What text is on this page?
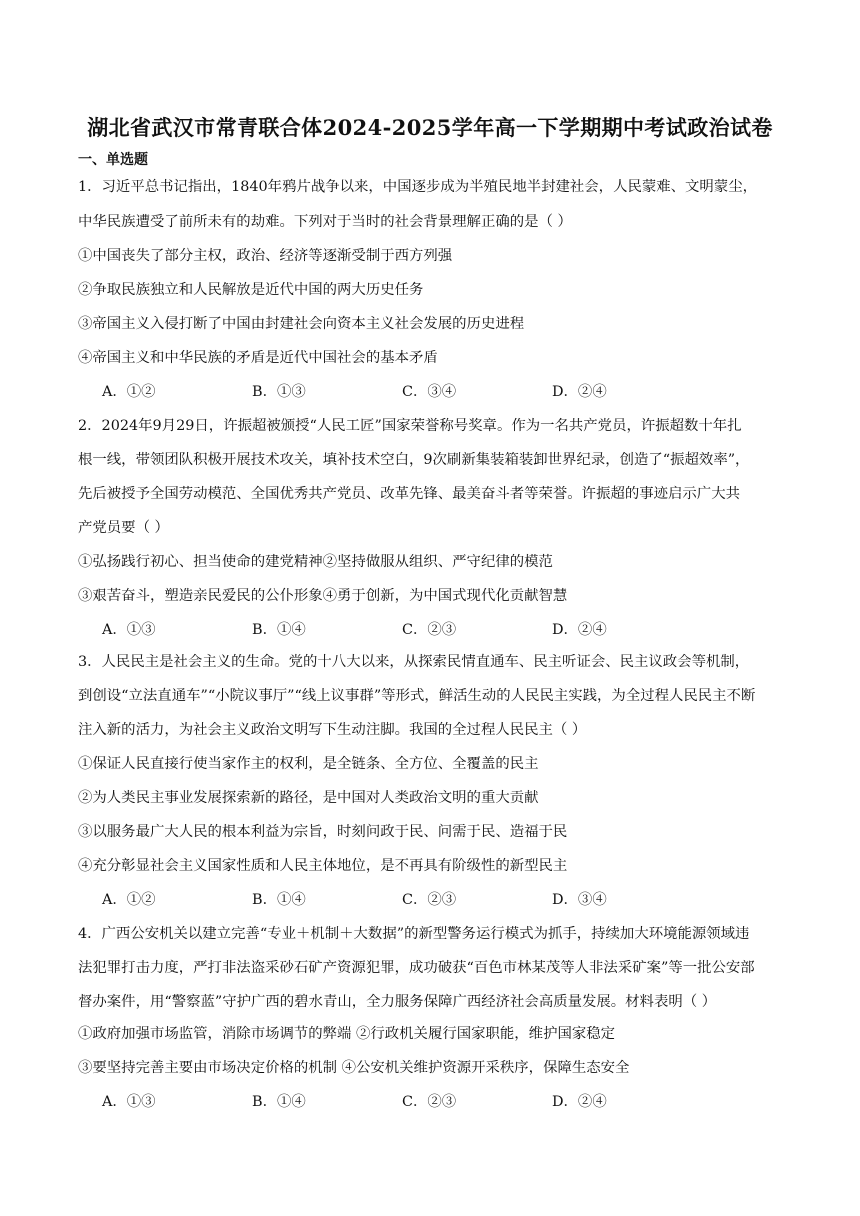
湖北省武汉市常青联合体2024-2025学年高一下学期期中考试政治试卷
一、单选题
1．习近平总书记指出，1840年鸦片战争以来，中国逐步成为半殖民地半封建社会，人民蒙难、文明蒙尘，
中华民族遭受了前所未有的劫难。下列对于当时的社会背景理解正确的是（ ）
①中国丧失了部分主权，政治、经济等逐渐受制于西方列强
②争取民族独立和人民解放是近代中国的两大历史任务
③帝国主义入侵打断了中国由封建社会向资本主义社会发展的历史进程
④帝国主义和中华民族的矛盾是近代中国社会的基本矛盾
A．①②	B．①③	C．③④	D．②④
2．2024年9月29日，许振超被颁授“人民工匠”国家荣誉称号奖章。作为一名共产党员，许振超数十年扎
根一线，带领团队积极开展技术攻关，填补技术空白，9次刷新集装箱装卸世界纪录，创造了“振超效率”，
先后被授予全国劳动模范、全国优秀共产党员、改革先锋、最美奋斗者等荣誉。许振超的事迹启示广大共
产党员要（ ）
①弘扬践行初心、担当使命的建党精神②坚持做服从组织、严守纪律的模范
③艰苦奋斗，塑造亲民爱民的公仆形象④勇于创新，为中国式现代化贡献智慧
A．①③	B．①④	C．②③	D．②④
3．人民民主是社会主义的生命。党的十八大以来，从探索民情直通车、民主听证会、民主议政会等机制，
到创设“立法直通车”“小院议事厅”“线上议事群”等形式，鲜活生动的人民民主实践，为全过程人民民主不断
注入新的活力，为社会主义政治文明写下生动注脚。我国的全过程人民民主（ ）
①保证人民直接行使当家作主的权利，是全链条、全方位、全覆盖的民主
②为人类民主事业发展探索新的路径，是中国对人类政治文明的重大贡献
③以服务最广大人民的根本利益为宗旨，时刻问政于民、问需于民、造福于民
④充分彰显社会主义国家性质和人民主体地位，是不再具有阶级性的新型民主
A．①②	B．①④	C．②③	D．③④
4．广西公安机关以建立完善“专业＋机制＋大数据”的新型警务运行模式为抓手，持续加大环境能源领域违
法犯罪打击力度，严打非法盗采砂石矿产资源犯罪，成功破获“百色市林某茂等人非法采矿案”等一批公安部
督办案件，用“警察蓝”守护广西的碧水青山，全力服务保障广西经济社会高质量发展。材料表明（ ）
①政府加强市场监管，消除市场调节的弊端 ②行政机关履行国家职能，维护国家稳定
③要坚持完善主要由市场决定价格的机制 ④公安机关维护资源开采秩序，保障生态安全
A．①③	B．①④	C．②③	D．②④
